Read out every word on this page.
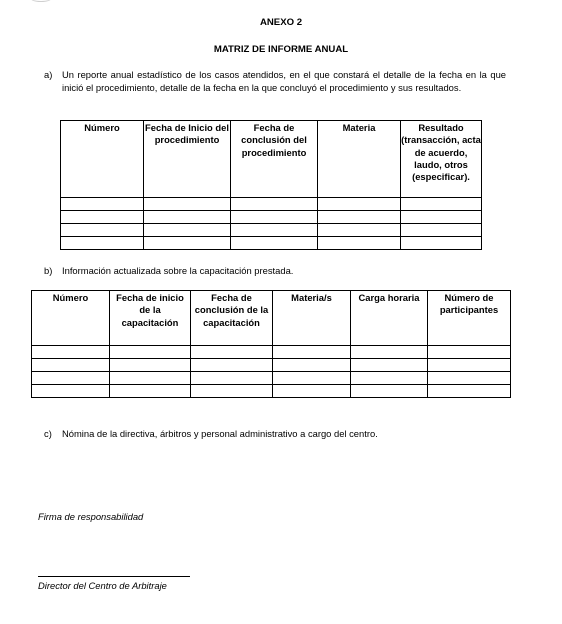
ANEXO 2
MATRIZ DE INFORME ANUAL
a) Un reporte anual estadístico de los casos atendidos, en el que constará el detalle de la fecha en la que inició el procedimiento, detalle de la fecha en la que concluyó el procedimiento y sus resultados.
Número	Fecha de Inicio del procedimiento	Fecha de conclusión del procedimiento	Materia	Resultado (transacción, acta de acuerdo, laudo, otros (especificar).

b) Información actualizada sobre la capacitación prestada.
Número	Fecha de inicio de la capacitación	Fecha de conclusión de la capacitación	Materia/s	Carga horaria	Número de participantes

c) Nómina de la directiva, árbitros y personal administrativo a cargo del centro.
Firma de responsabilidad
Director del Centro de Arbitraje
